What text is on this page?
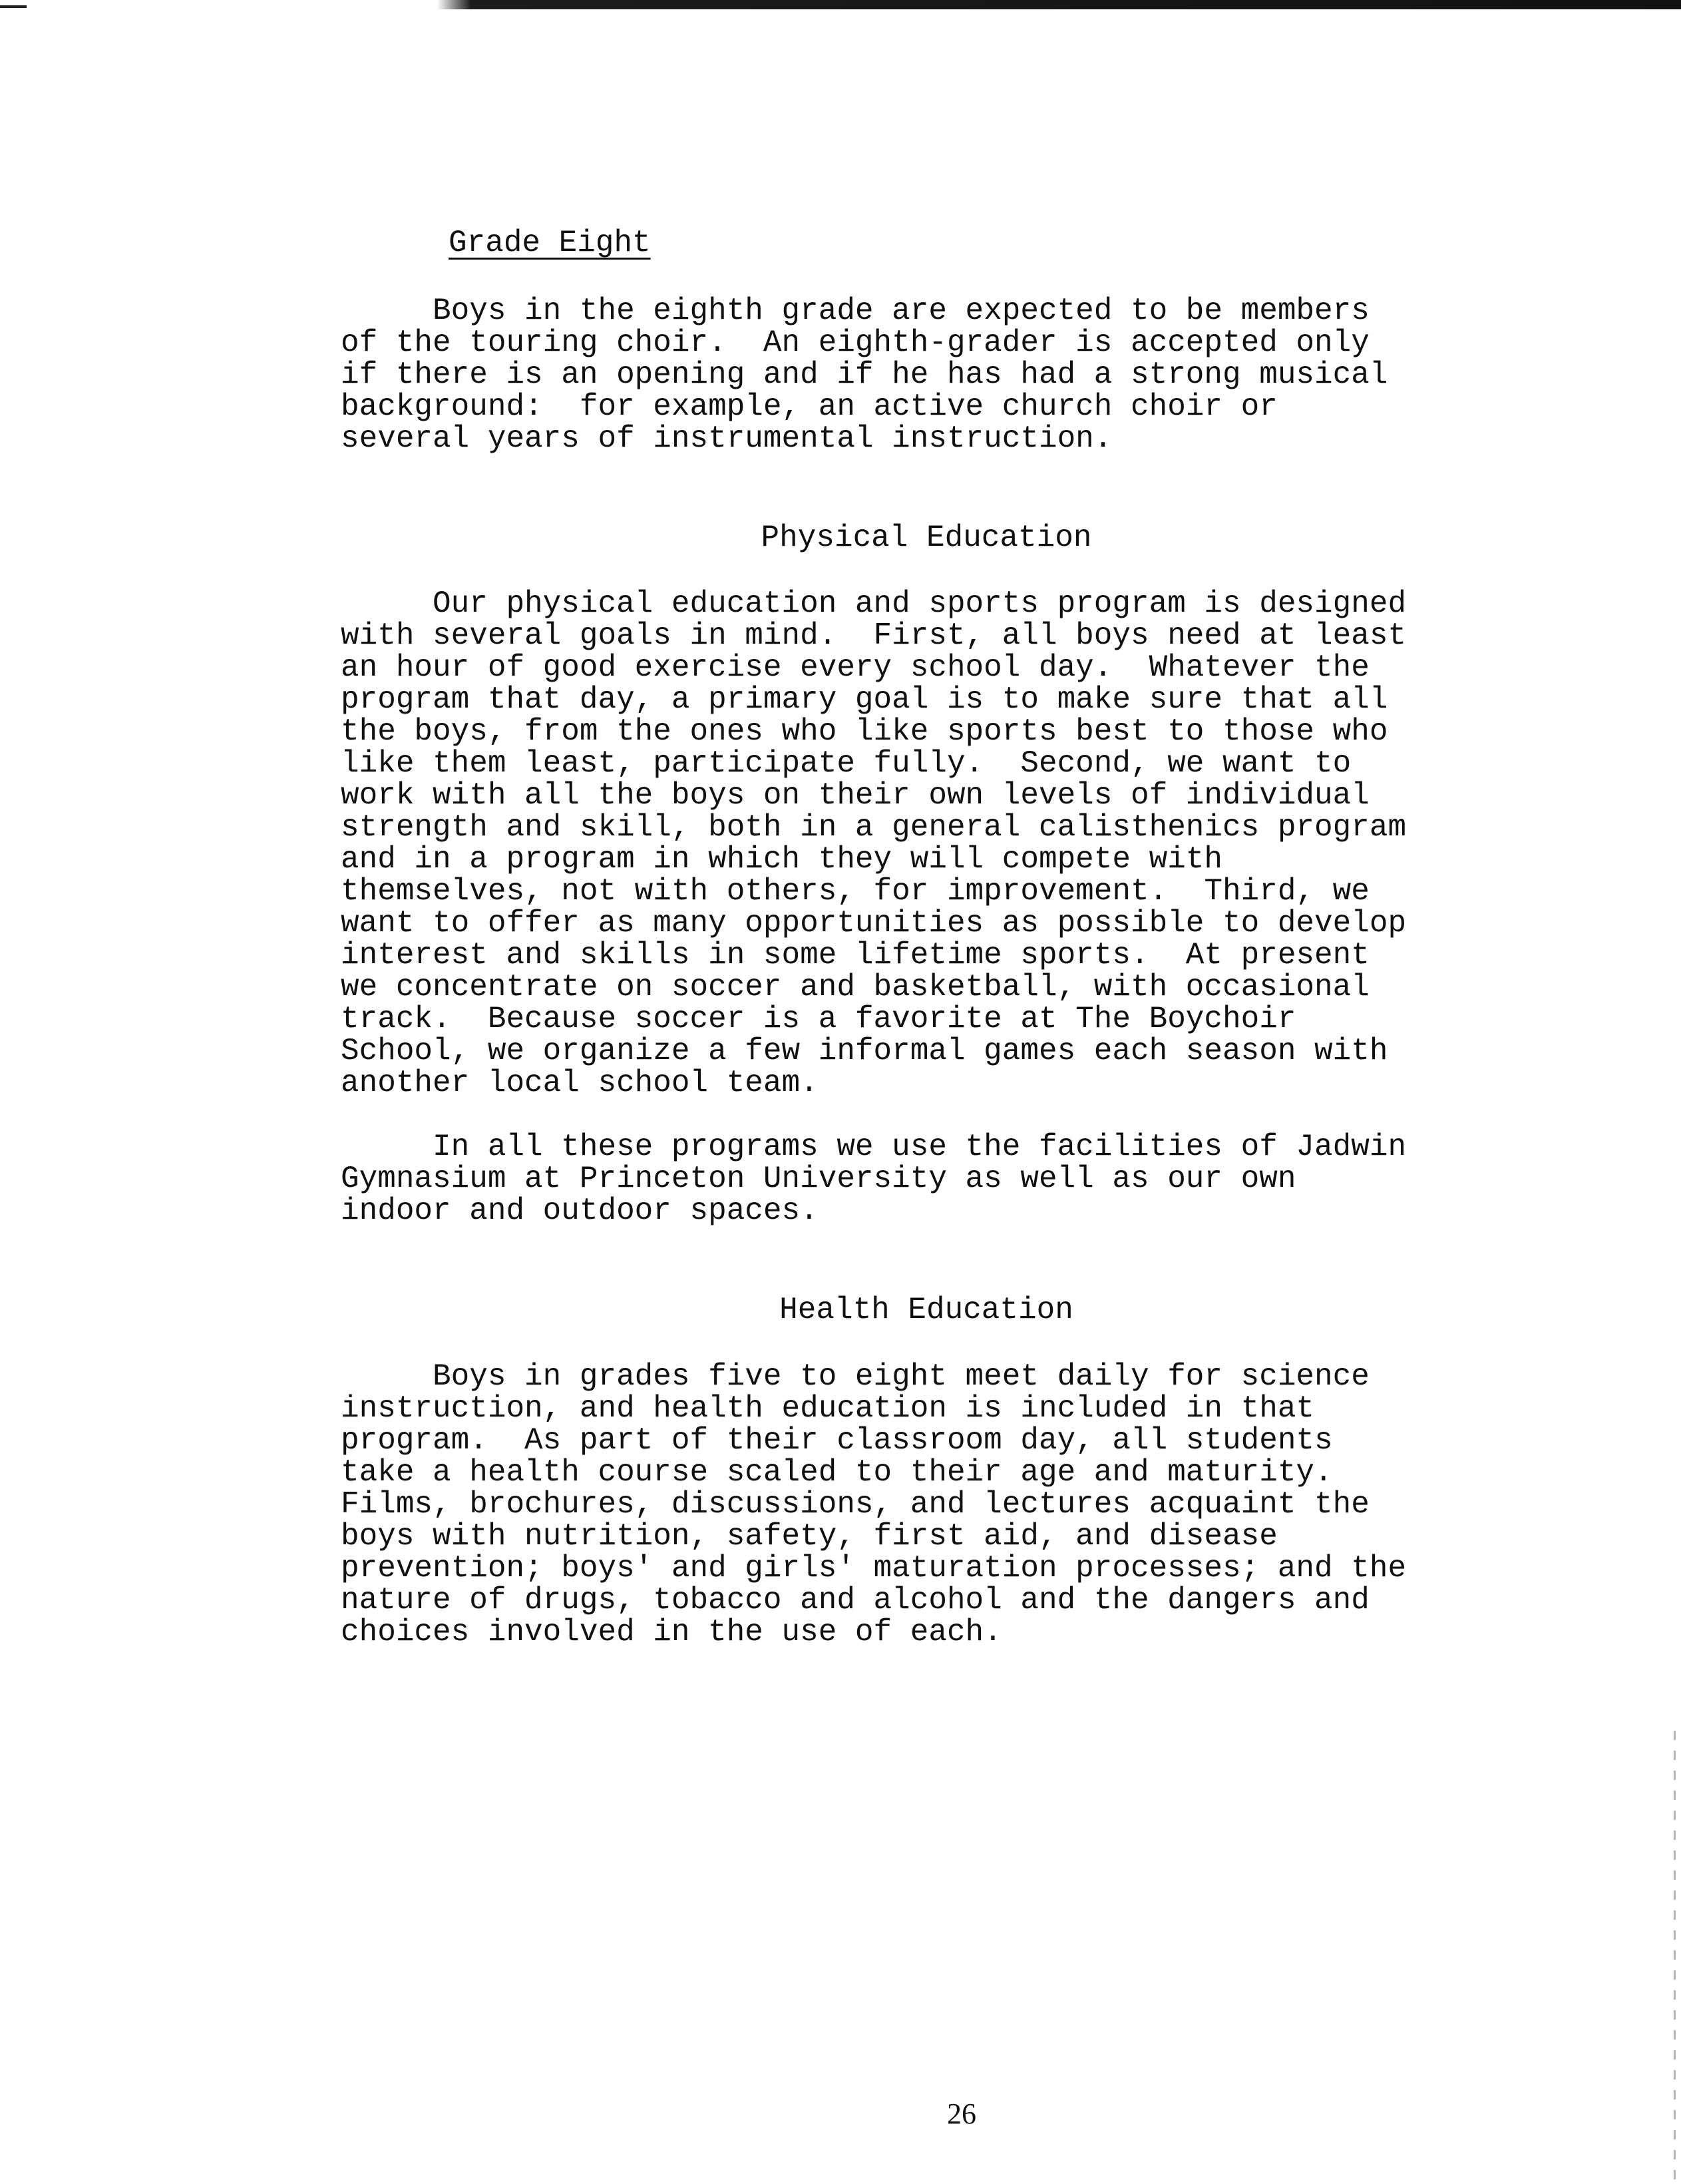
Grade Eight
Boys in the eighth grade are expected to be members
of the touring choir.  An eighth-grader is accepted only
if there is an opening and if he has had a strong musical
background:  for example, an active church choir or
several years of instrumental instruction.
Physical Education
Our physical education and sports program is designed
with several goals in mind.  First, all boys need at least
an hour of good exercise every school day.  Whatever the
program that day, a primary goal is to make sure that all
the boys, from the ones who like sports best to those who
like them least, participate fully.  Second, we want to
work with all the boys on their own levels of individual
strength and skill, both in a general calisthenics program
and in a program in which they will compete with
themselves, not with others, for improvement.  Third, we
want to offer as many opportunities as possible to develop
interest and skills in some lifetime sports.  At present
we concentrate on soccer and basketball, with occasional
track.  Because soccer is a favorite at The Boychoir
School, we organize a few informal games each season with
another local school team.
In all these programs we use the facilities of Jadwin
Gymnasium at Princeton University as well as our own
indoor and outdoor spaces.
Health Education
Boys in grades five to eight meet daily for science
instruction, and health education is included in that
program.  As part of their classroom day, all students
take a health course scaled to their age and maturity.
Films, brochures, discussions, and lectures acquaint the
boys with nutrition, safety, first aid, and disease
prevention; boys' and girls' maturation processes; and the
nature of drugs, tobacco and alcohol and the dangers and
choices involved in the use of each.
26
